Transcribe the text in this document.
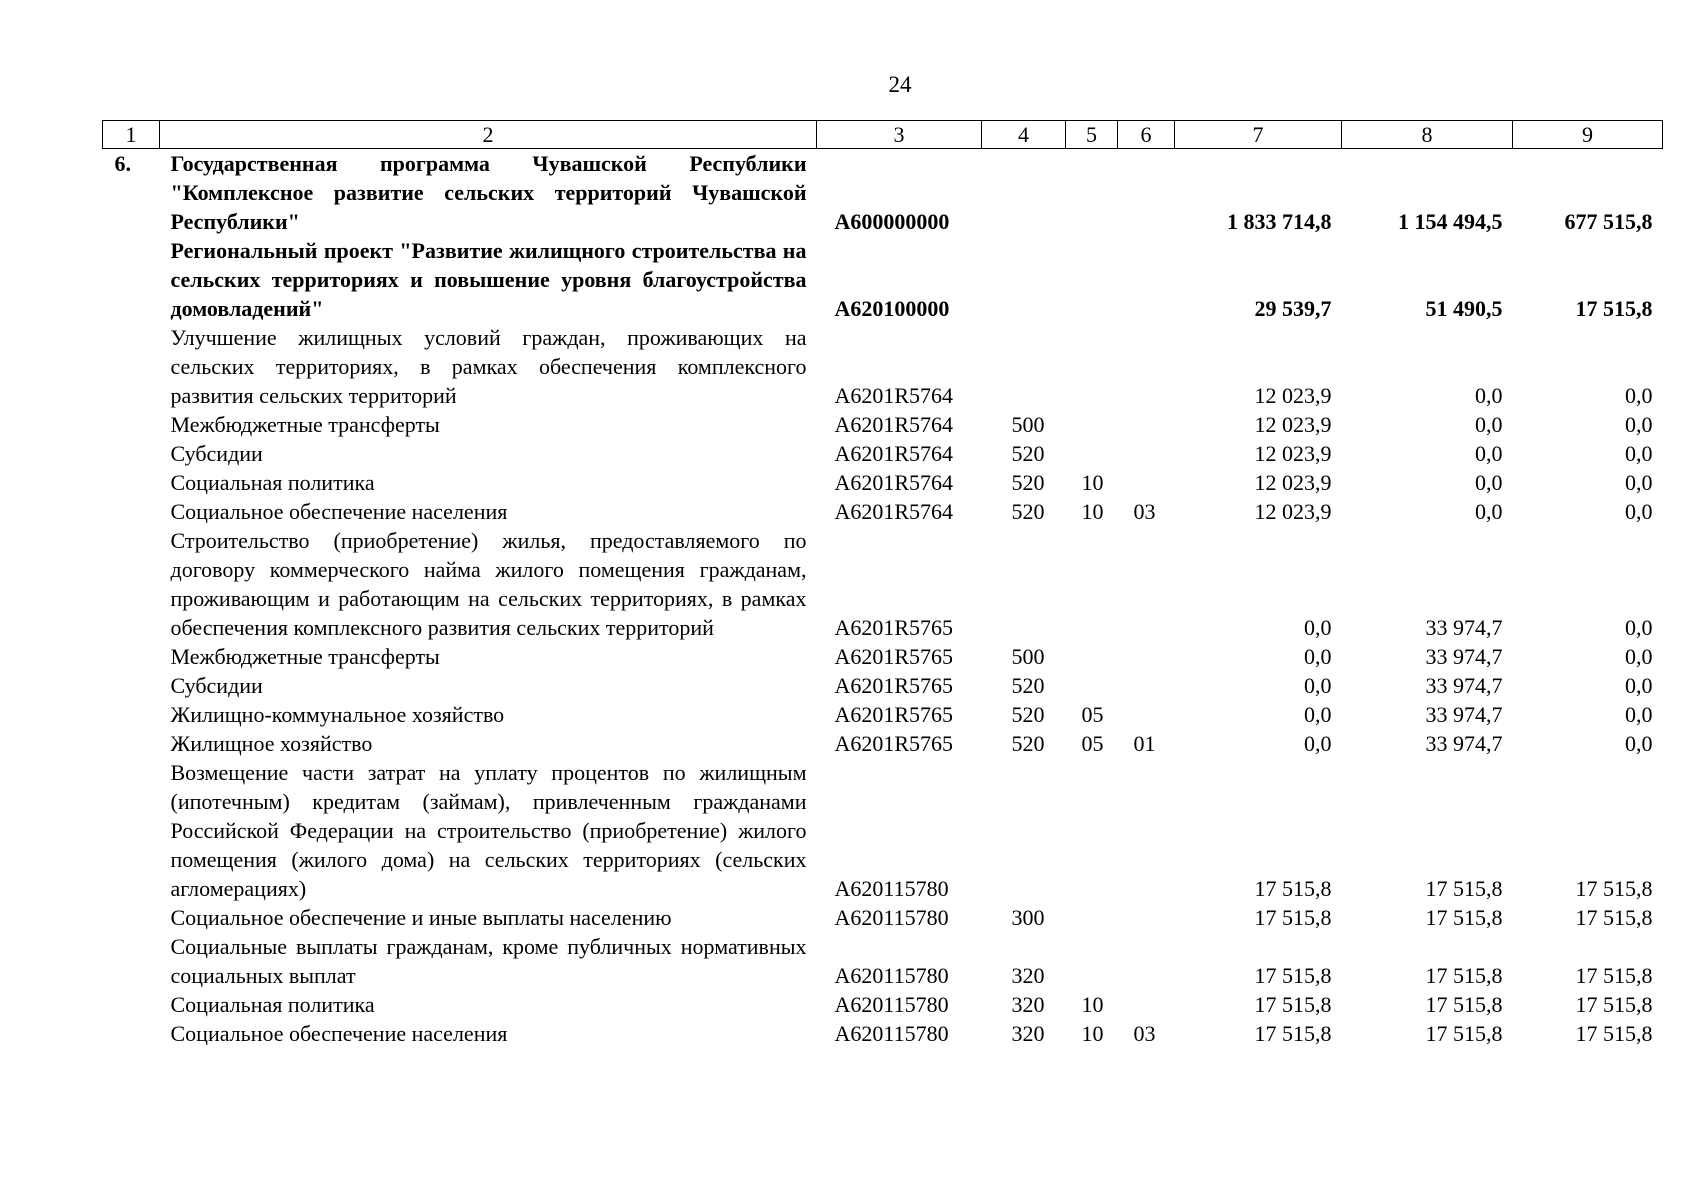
24
1	2	3	4	5	6	7	8	9
6.	Государственная программа Чувашской Республики "Комплексное развитие сельских территорий Чувашской Республики"	А600000000				1 833 714,8	1 154 494,5	677 515,8
	Региональный проект "Развитие жилищного строительства на сельских территориях и повышение уровня благоустройства домовладений"	А620100000				29 539,7	51 490,5	17 515,8
	Улучшение жилищных условий граждан, проживающих на сельских территориях, в рамках обеспечения комплексного развития сельских территорий	А6201R5764				12 023,9	0,0	0,0
	Межбюджетные трансферты	А6201R5764	500			12 023,9	0,0	0,0
	Субсидии	А6201R5764	520			12 023,9	0,0	0,0
	Социальная политика	А6201R5764	520	10		12 023,9	0,0	0,0
	Социальное обеспечение населения	А6201R5764	520	10	03	12 023,9	0,0	0,0
	Строительство (приобретение) жилья, предоставляемого по договору коммерческого найма жилого помещения гражданам, проживающим и работающим на сельских территориях, в рамках обеспечения комплексного развития сельских территорий	А6201R5765				0,0	33 974,7	0,0
	Межбюджетные трансферты	А6201R5765	500			0,0	33 974,7	0,0
	Субсидии	А6201R5765	520			0,0	33 974,7	0,0
	Жилищно-коммунальное хозяйство	А6201R5765	520	05		0,0	33 974,7	0,0
	Жилищное хозяйство	А6201R5765	520	05	01	0,0	33 974,7	0,0
	Возмещение части затрат на уплату процентов по жилищным (ипотечным) кредитам (займам), привлеченным гражданами Российской Федерации на строительство (приобретение) жилого помещения (жилого дома) на сельских территориях (сельских агломерациях)	А620115780				17 515,8	17 515,8	17 515,8
	Социальное обеспечение и иные выплаты населению	А620115780	300			17 515,8	17 515,8	17 515,8
	Социальные выплаты гражданам, кроме публичных нормативных социальных выплат	А620115780	320			17 515,8	17 515,8	17 515,8
	Социальная политика	А620115780	320	10		17 515,8	17 515,8	17 515,8
	Социальное обеспечение населения	А620115780	320	10	03	17 515,8	17 515,8	17 515,8
